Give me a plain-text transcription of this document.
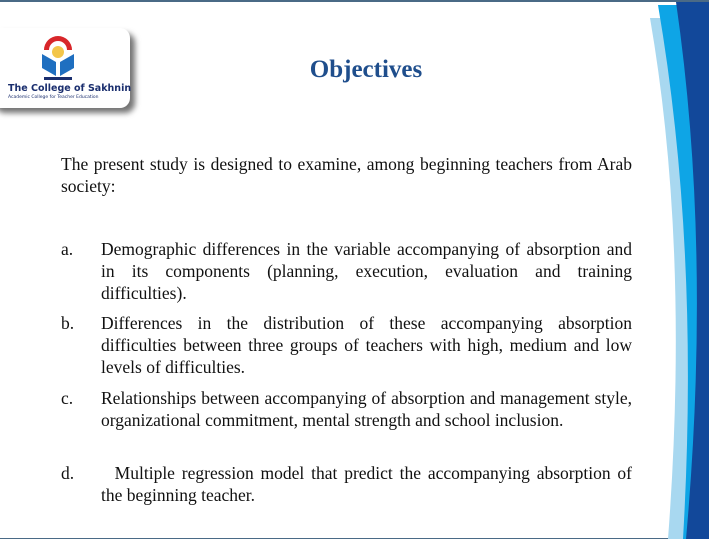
The College of Sakhnin
Academic College for Teacher Education
Objectives
The present study is designed to examine, among beginning teachers from Arab society:
a. Demographic differences in the variable accompanying of absorption and in its components (planning, execution, evaluation and training difficulties).
b. Differences in the distribution of these accompanying absorption difficulties between three groups of teachers with high, medium and low levels of difficulties.
c. Relationships between accompanying of absorption and management style, organizational commitment, mental strength and school inclusion.
d. Multiple regression model that predict the accompanying absorption of the beginning teacher.
